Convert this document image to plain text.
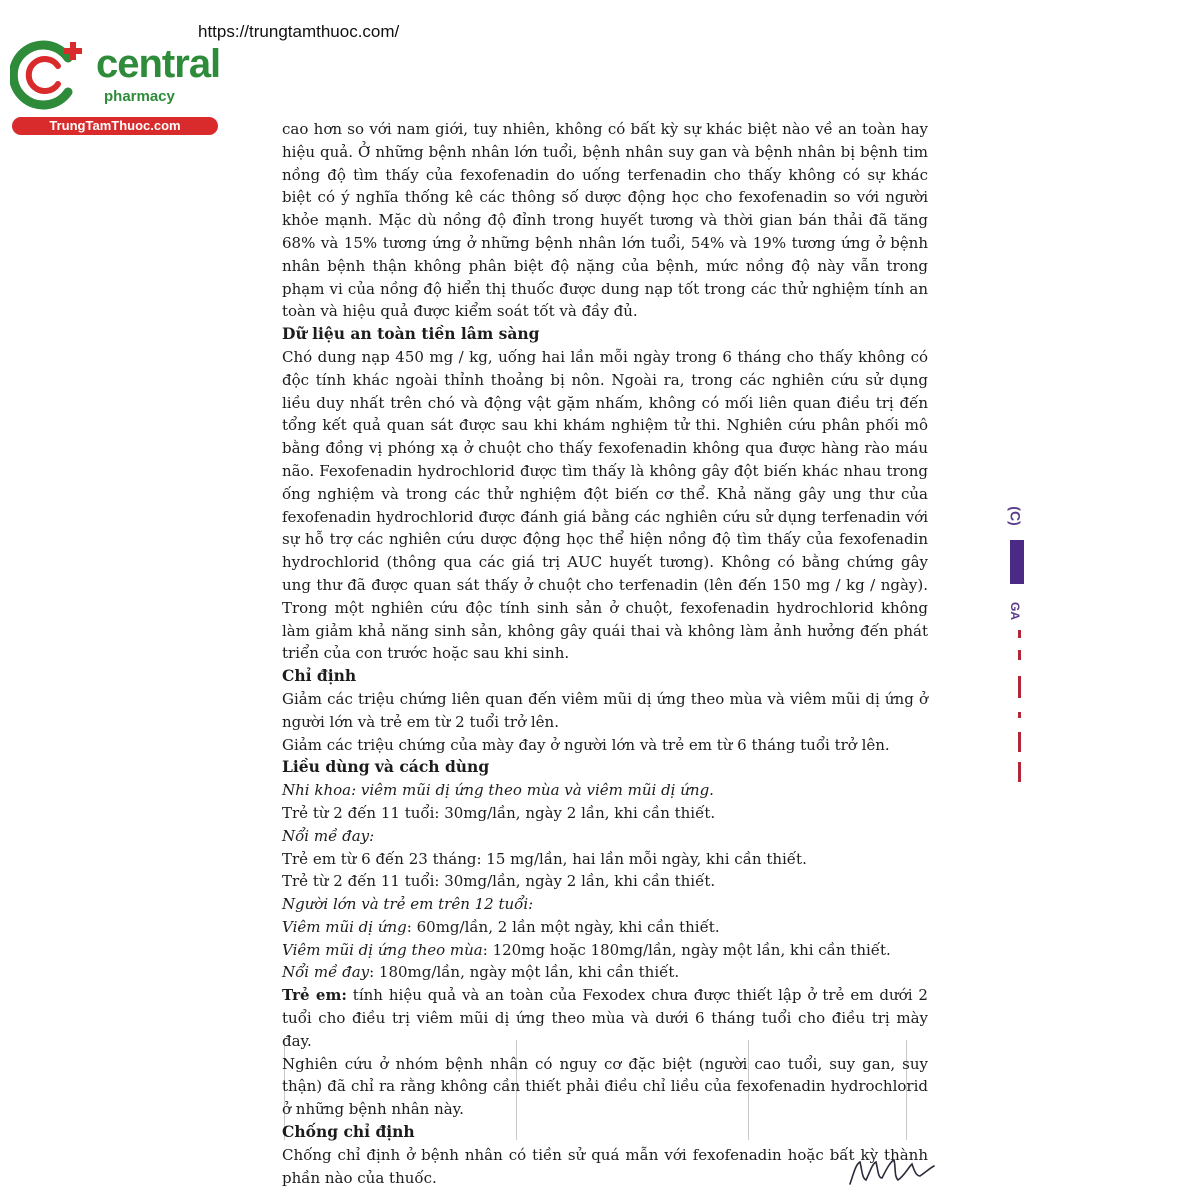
https://trungtamthuoc.com/
central
pharmacy
TrungTamThuoc.com	cao hơn so với nam giới, tuy nhiên, không có bất kỳ sự khác biệt nào về an toàn hay hiệu quả. Ở những bệnh nhân lớn tuổi, bệnh nhân suy gan và bệnh nhân bị bệnh tim nồng độ tìm thấy của fexofenadin do uống terfenadin cho thấy không có sự khác biệt có ý nghĩa thống kê các thông số dược động học cho fexofenadin so với người khỏe mạnh. Mặc dù nồng độ đỉnh trong huyết tương và thời gian bán thải đã tăng 68% và 15% tương ứng ở những bệnh nhân lớn tuổi, 54% và 19% tương ứng ở bệnh nhân bệnh thận không phân biệt độ nặng của bệnh, mức nồng độ này vẫn trong phạm vi của nồng độ hiển thị thuốc được dung nạp tốt trong các thử nghiệm tính an toàn và hiệu quả được kiểm soát tốt và đầy đủ.

Dữ liệu an toàn tiền lâm sàng

Chó dung nạp 450 mg / kg, uống hai lần mỗi ngày trong 6 tháng cho thấy không có độc tính khác ngoài thỉnh thoảng bị nôn. Ngoài ra, trong các nghiên cứu sử dụng liều duy nhất trên chó và động vật gặm nhấm, không có mối liên quan điều trị đến tổng kết quả quan sát được sau khi khám nghiệm tử thi. Nghiên cứu phân phối mô bằng đồng vị phóng xạ ở chuột cho thấy fexofenadin không qua được hàng rào máu não. Fexofenadin hydrochlorid được tìm thấy là không gây đột biến khác nhau trong ống nghiệm và trong các thử nghiệm đột biến cơ thể. Khả năng gây ung thư của fexofenadin hydrochlorid được đánh giá bằng các nghiên cứu sử dụng terfenadin với sự hỗ trợ các nghiên cứu dược động học thể hiện nồng độ tìm thấy của fexofenadin hydrochlorid (thông qua các giá trị AUC huyết tương). Không có bằng chứng gây ung thư đã được quan sát thấy ở chuột cho terfenadin (lên đến 150 mg / kg / ngày). Trong một nghiên cứu độc tính sinh sản ở chuột, fexofenadin hydrochlorid không làm giảm khả năng sinh sản, không gây quái thai và không làm ảnh hưởng đến phát triển của con trước hoặc sau khi sinh.

Chỉ định

Giảm các triệu chứng liên quan đến viêm mũi dị ứng theo mùa và viêm mũi dị ứng ở người lớn và trẻ em từ 2 tuổi trở lên.

Giảm các triệu chứng của mày đay ở người lớn và trẻ em từ 6 tháng tuổi trở lên.

Liều dùng và cách dùng

Nhi khoa: viêm mũi dị ứng theo mùa và viêm mũi dị ứng.

Trẻ từ 2 đến 11 tuổi: 30mg/lần, ngày 2 lần, khi cần thiết.

Nổi mề đay:

Trẻ em từ 6 đến 23 tháng: 15 mg/lần, hai lần mỗi ngày, khi cần thiết.

Trẻ từ 2 đến 11 tuổi: 30mg/lần, ngày 2 lần, khi cần thiết.

Người lớn và trẻ em trên 12 tuổi:

Viêm mũi dị ứng: 60mg/lần, 2 lần một ngày, khi cần thiết.

Viêm mũi dị ứng theo mùa: 120mg hoặc 180mg/lần, ngày một lần, khi cần thiết.

Nổi mề đay: 180mg/lần, ngày một lần, khi cần thiết.

Trẻ em: tính hiệu quả và an toàn của Fexodex chưa được thiết lập ở trẻ em dưới 2 tuổi cho điều trị viêm mũi dị ứng theo mùa và dưới 6 tháng tuổi cho điều trị mày đay.

Nghiên cứu ở nhóm bệnh nhân có nguy cơ đặc biệt (người cao tuổi, suy gan, suy thận) đã chỉ ra rằng không cần thiết phải điều chỉ liều của fexofenadin hydrochlorid ở những bệnh nhân này.

Chống chỉ định

Chống chỉ định ở bệnh nhân có tiền sử quá mẫn với fexofenadin hoặc bất kỳ thành phần nào của thuốc.

(C)
GA
